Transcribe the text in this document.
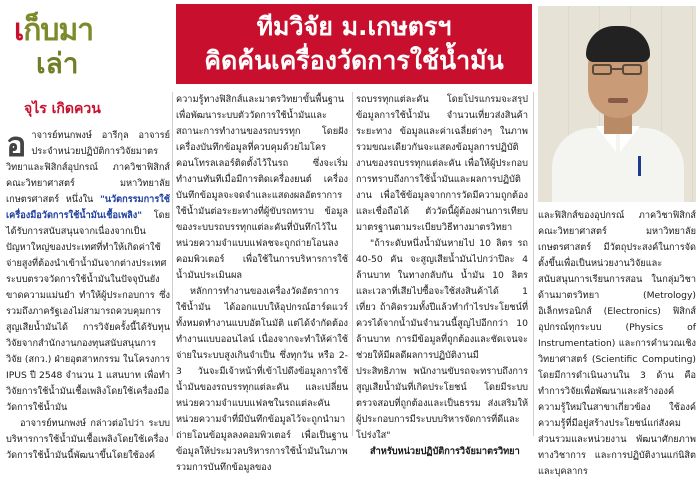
เก็บมา
เล่า
จุไร เกิดควน

อาจารย์ทนกพงษ์ อารีกุล อาจารย์ประจำหน่วยปฏิบัติการวิจัยมาตรวิทยาและฟิสิกส์อุปกรณ์ ภาควิชาฟิสิกส์ คณะวิทยาศาสตร์ มหาวิทยาลัยเกษตรศาสตร์ หนึ่งใน "นวัตกรรมการใช้เครื่องมือวัดการใช้น้ำมันเชื้อเพลิง" โดยได้รับการสนับสนุนจากเนื่องจากเป็นปัญหาใหญ่ของประเทศที่ทำให้เกิดค่าใช้จ่ายสูงที่ต้องนำเข้าน้ำมันจากต่างประเทศ ระบบตรวจวัดการใช้น้ำมันในปัจจุบันยังขาดความแม่นยำ ทำให้ผู้ประกอบการ ซึ่งรวมถึงภาครัฐเองไม่สามารถควบคุมการสูญเสียน้ำมันได้ การวิจัยครั้งนี้ได้รับทุนวิจัยจากสำนักงานกองทุนสนับสนุนการวิจัย (สกว.) ฝ่ายอุตสาหกรรม ในโครงการ IPUS ปี 2548 จำนวน 1 แสนบาท เพื่อทำวิจัยการใช้น้ำมันเชื้อเพลิงโดยใช้เครื่องมือวัดการใช้น้ำมัน

อาจารย์ทนกพงษ์ กล่าวต่อไปว่า ระบบบริหารการใช้น้ำมันเชื้อเพลิงโดยใช้เครื่องวัดการใช้น้ำมันนี้พัฒนาขึ้นโดยใช้องค์

ทีมวิจัย ม.เกษตรฯ
คิดค้นเครื่องวัดการใช้น้ำมัน

ความรู้ทางฟิสิกส์และมาตรวิทยาขั้นพื้นฐาน เพื่อพัฒนาระบบตัววัดการใช้น้ำมันและสถานะการทำงานของรถบรรทุก โดยฝังเครื่องบันทึกข้อมูลที่ควบคุมด้วยไมโครคอนโทรลเลอร์ติดตั้งไว้ในรถ ซึ่งจะเริ่มทำงานทันทีเมื่อมีการติดเครื่องยนต์ เครื่องบันทึกข้อมูลจะจดจำและแสดงผลอัตราการใช้น้ำมันต่อระยะทางที่ผู้ขับรถทราบ ข้อมูลของระบบรถบรรทุกแต่ละคันที่บันทึกไว้ในหน่วยความจำแบบแฟลชจะถูกถ่ายโอนลงคอมพิวเตอร์ เพื่อใช้ในการบริหารการใช้น้ำมันประเมินผล

หลักการทำงานของเครื่องวัดอัตราการใช้น้ำมัน ได้ออกแบบให้อุปกรณ์ฮาร์ดแวร์ทั้งหมดทำงานแบบอัตโนมัติ แต่ได้จำกัดต้องทำงานแบบออนไลน์ เนื่องจากจะทำให้ค่าใช้จ่ายในระบบสูงเกินจำเป็น ซึ่งทุกวัน หรือ 2-3 วันจะมีเจ้าหน้าที่เข้าไปดึงข้อมูลการใช้น้ำมันของรถบรรทุกแต่ละคัน และเปลี่ยนหน่วยความจำแบบแฟลชในรถแต่ละคัน หน่วยความจำที่มีบันทึกข้อมูลไว้จะถูกนำมาถ่ายโอนข้อมูลลงคอมพิวเตอร์ เพื่อเป็นฐานข้อมูลให้ประมวลบริหารการใช้น้ำมันในภาพรวมการบันทึกข้อมูลของ

รถบรรทุกแต่ละคัน โดยโปรแกรมจะสรุปข้อมูลการใช้น้ำมัน จำนวนเที่ยวส่งสินค้า ระยะทาง ข้อมูลและค่าเฉลี่ยต่างๆ ในภาพรวมขณะเดียวกันจะแสดงข้อมูลการปฏิบัติงานของรถบรรทุกแต่ละคัน เพื่อให้ผู้ประกอบการทราบถึงการใช้น้ำมันและผลการปฏิบัติงาน เพื่อใช้ข้อมูลจากการวัดมีความถูกต้องและเชื่อถือได้ ตัววัดนี้ผู้ต้องผ่านการเทียบมาตรฐานตามระเบียบวิธีทางมาตรวิทยา

"ถ้าระดับหนึ่งน้ำมันหายไป 10 ลิตร รถ 40-50 คัน จะสูญเสียน้ำมันไปกว่าปีละ 4 ล้านบาท ในทางกลับกัน น้ำมัน 10 ลิตร และเวลาที่เสียไปซื้อจะใช้ส่งสินค้าได้ 1 เที่ยว ถ้าคิดรวมทั้งปีแล้วทำกำไรประโยชน์ที่ควรได้จากน้ำมันจำนวนนี้สูญไปอีกกว่า 10 ล้านบาท การมีข้อมูลที่ถูกต้องและชัดเจนจะช่วยให้มีผลดีผลการปฏิบัติงานมีประสิทธิภาพ พนักงานขับรถจะทราบถึงการสูญเสียน้ำมันที่เกิดประโยชน์ โดยมีระบบตรวจสอบที่ถูกต้องและเป็นธรรม ส่งเสริมให้ผู้ประกอบการมีระบบบริหารจัดการที่ดีและโปร่งใส"

สำหรับหน่วยปฏิบัติการวิจัยมาตรวิทยา

และฟิสิกส์ของอุปกรณ์ ภาควิชาฟิสิกส์ คณะวิทยาศาสตร์ มหาวิทยาลัยเกษตรศาสตร์ มีวัตถุประสงค์ในการจัดตั้งขึ้นเพื่อเป็นหน่วยงานวิจัยและสนับสนุนการเรียนการสอน ในกลุ่มวิชาด้านมาตรวิทยา (Metrology) อิเล็กทรอนิกส์ (Electronics) ฟิสิกส์อุปกรณ์ทุกระบบ (Physics of Instrumentation) และการคำนวณเชิงวิทยาศาสตร์ (Scientific Computing) โดยมีการดำเนินงานใน 3 ด้าน คือ ทำการวิจัยเพื่อพัฒนาและสร้างองค์ความรู้ใหม่ในสาขาเกี่ยวข้อง ใช้องค์ความรู้ที่มีอยู่สร้างประโยชน์แก่สังคมส่วนรวมและหน่วยงาน พัฒนาศักยภาพทางวิชาการ และการปฏิบัติงานแก่นิสิตและบุคลากร
